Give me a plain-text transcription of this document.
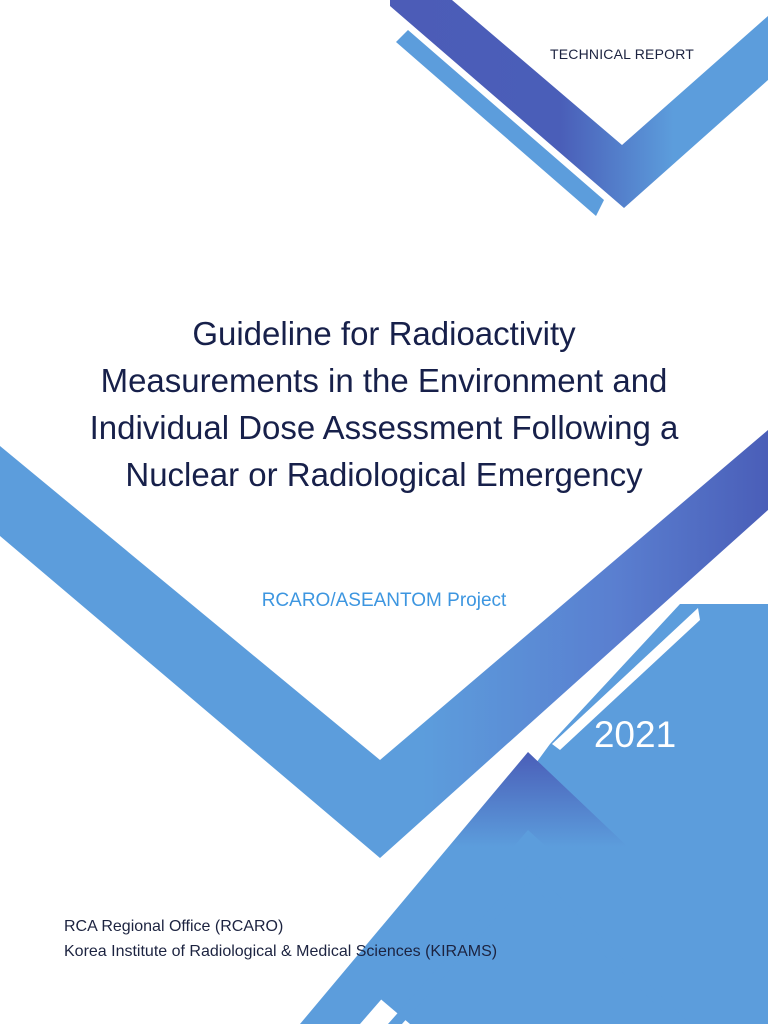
TECHNICAL REPORT
Guideline for Radioactivity
Measurements in the Environment and
Individual Dose Assessment Following a
Nuclear or Radiological Emergency
RCARO/ASEANTOM Project
2021
RCA Regional Office (RCARO)
Korea Institute of Radiological & Medical Sciences (KIRAMS)
